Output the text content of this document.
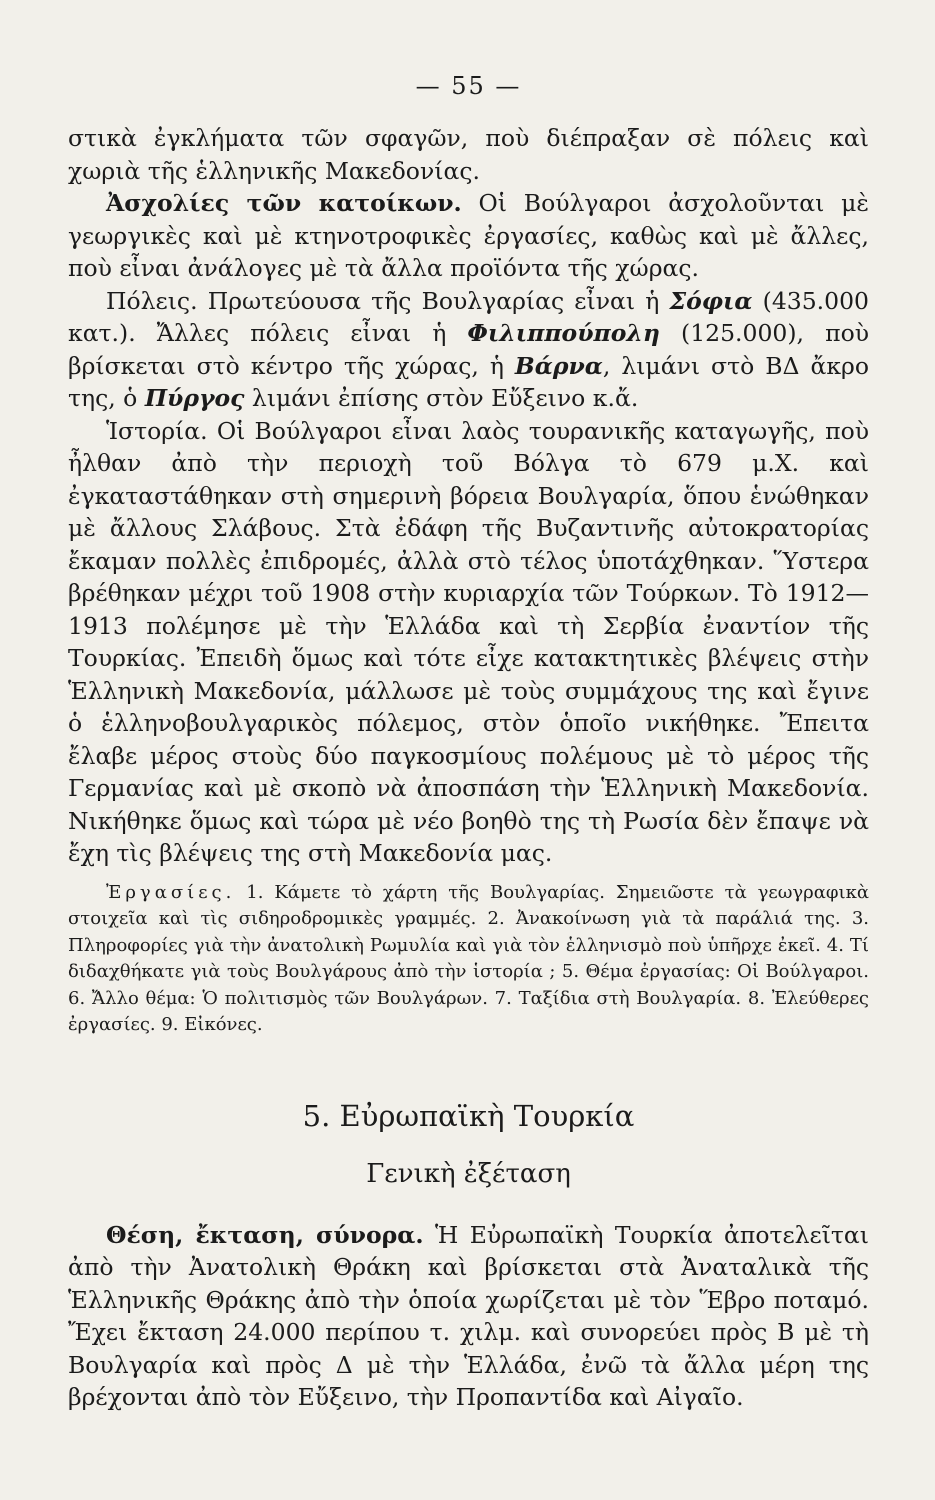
— 55 —

στικὰ ἐγκλήματα τῶν σφαγῶν, ποὺ διέπραξαν σὲ πόλεις καὶ χωριὰ τῆς ἑλληνικῆς Μακεδονίας.

Ἀσχολίες τῶν κατοίκων. Οἱ Βούλγαροι ἀσχολοῦνται μὲ γεωργικὲς καὶ μὲ κτηνοτροφικὲς ἐργασίες, καθὼς καὶ μὲ ἄλλες, ποὺ εἶναι ἀνάλογες μὲ τὰ ἄλλα προϊόντα τῆς χώρας.

Πόλεις. Πρωτεύουσα τῆς Βουλγαρίας εἶναι ἡ Σόφια (435.000 κατ.). Ἄλλες πόλεις εἶναι ἡ Φιλιππούπολη (125.000), ποὺ βρίσκεται στὸ κέντρο τῆς χώρας, ἡ Βάρνα, λιμάνι στὸ ΒΔ ἄκρο της, ὁ Πύργος λιμάνι ἐπίσης στὸν Εὔξεινο κ.ἄ.

Ἱστορία. Οἱ Βούλγαροι εἶναι λαὸς τουρανικῆς καταγωγῆς, ποὺ ἦλθαν ἀπὸ τὴν περιοχὴ τοῦ Βόλγα τὸ 679 μ.Χ. καὶ ἐγκαταστάθηκαν στὴ σημερινὴ βόρεια Βουλγαρία, ὅπου ἑνώθηκαν μὲ ἄλλους Σλάβους. Στὰ ἐδάφη τῆς Βυζαντινῆς αὐτοκρατορίας ἔκαμαν πολλὲς ἐπιδρομές, ἀλλὰ στὸ τέλος ὑποτάχθηκαν. Ὕστερα βρέθηκαν μέχρι τοῦ 1908 στὴν κυριαρχία τῶν Τούρκων. Τὸ 1912—1913 πολέμησε μὲ τὴν Ἑλλάδα καὶ τὴ Σερβία ἐναντίον τῆς Τουρκίας. Ἐπειδὴ ὅμως καὶ τότε εἶχε κατακτητικὲς βλέψεις στὴν Ἑλληνικὴ Μακεδονία, μάλλωσε μὲ τοὺς συμμάχους της καὶ ἔγινε ὁ ἑλληνοβουλγαρικὸς πόλεμος, στὸν ὁποῖο νικήθηκε. Ἔπειτα ἔλαβε μέρος στοὺς δύο παγκοσμίους πολέμους μὲ τὸ μέρος τῆς Γερμανίας καὶ μὲ σκοπὸ νὰ ἀποσπάση τὴν Ἑλληνικὴ Μακεδονία. Νικήθηκε ὅμως καὶ τώρα μὲ νέο βοηθὸ της τὴ Ρωσία δὲν ἔπαψε νὰ ἔχη τὶς βλέψεις της στὴ Μακεδονία μας.

Ἐργασίες. 1. Κάμετε τὸ χάρτη τῆς Βουλγαρίας. Σημειῶστε τὰ γεωγραφικὰ στοιχεῖα καὶ τὶς σιδηροδρομικὲς γραμμές. 2. Ἀνακοίνωση γιὰ τὰ παράλιά της. 3. Πληροφορίες γιὰ τὴν ἀνατολικὴ Ρωμυλία καὶ γιὰ τὸν ἑλληνισμὸ ποὺ ὑπῆρχε ἐκεῖ. 4. Τί διδαχθήκατε γιὰ τοὺς Βουλγάρους ἀπὸ τὴν ἱστορία ; 5. Θέμα ἐργασίας: Οἱ Βούλγαροι. 6. Ἄλλο θέμα: Ὁ πολιτισμὸς τῶν Βουλγάρων. 7. Ταξίδια στὴ Βουλγαρία. 8. Ἐλεύθερες ἐργασίες. 9. Εἰκόνες.

5. Εὐρωπαϊκὴ Τουρκία
Γενικὴ ἐξέταση

Θέση, ἔκταση, σύνορα. Ἡ Εὐρωπαϊκὴ Τουρκία ἀποτελεῖται ἀπὸ τὴν Ἀνατολικὴ Θράκη καὶ βρίσκεται στὰ Ἀναταλικὰ τῆς Ἑλληνικῆς Θράκης ἀπὸ τὴν ὁποία χωρίζεται μὲ τὸν Ἕβρο ποταμό. Ἔχει ἔκταση 24.000 περίπου τ. χιλμ. καὶ συνορεύει πρὸς Β μὲ τὴ Βουλγαρία καὶ πρὸς Δ μὲ τὴν Ἑλλάδα, ἐνῶ τὰ ἄλλα μέρη της βρέχονται ἀπὸ τὸν Εὔξεινο, τὴν Προπαντίδα καὶ Αἰγαῖο.
